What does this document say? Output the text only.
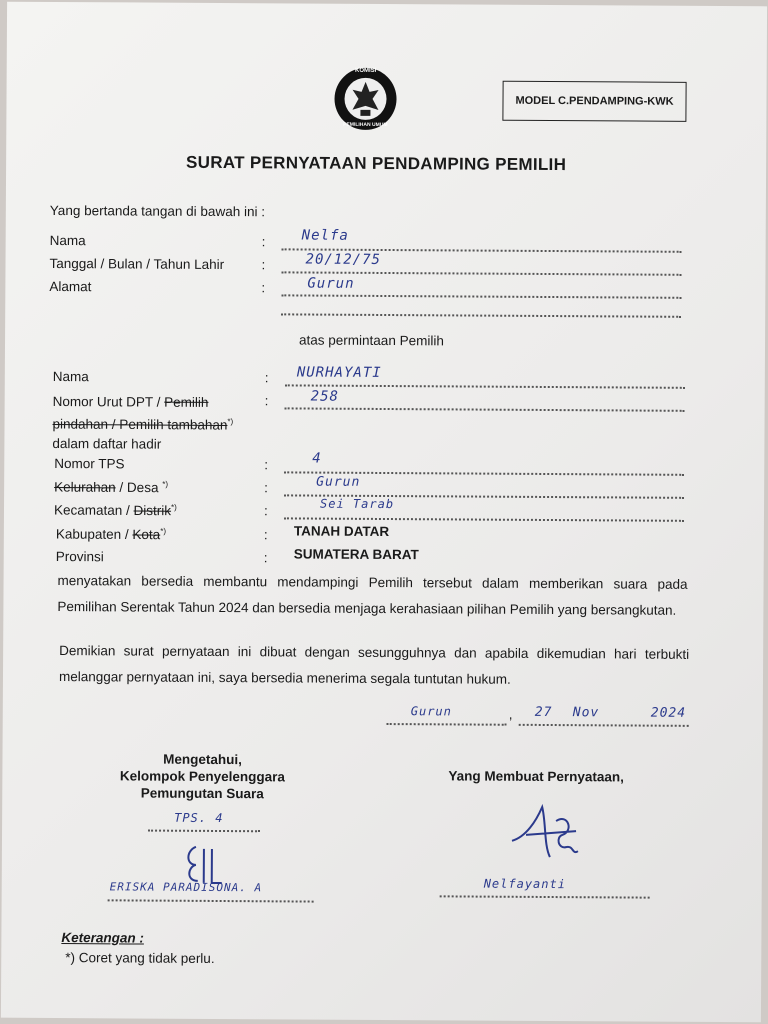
KOMISI
PEMILIHAN UMUM
MODEL C.PENDAMPING-KWK
SURAT PERNYATAAN PENDAMPING PEMILIH
Yang bertanda tangan di bawah ini :
Nama	:	Nelfa
Tanggal / Bulan / Tahun Lahir	:	20/12/75
Alamat	:	Gurun
atas permintaan Pemilih
Nama	: NURHAYATI
Nomor Urut DPT / Pemilih
pindahan / Pemilih tambahan*)
dalam daftar hadir
:	258
Nomor TPS	:	4
Kelurahan / Desa *)	:	Gurun
Kecamatan / Distrik*)	:	Sei Tarab
Kabupaten / Kota*)	: TANAH DATAR
Provinsi	: SUMATERA BARAT
menyatakan bersedia membantu mendampingi Pemilih tersebut dalam memberikan suara pada Pemilihan Serentak Tahun 2024 dan bersedia menjaga kerahasiaan pilihan Pemilih yang bersangkutan.
Demikian surat pernyataan ini dibuat dengan sesungguhnya dan apabila dikemudian hari terbukti melanggar pernyataan ini, saya bersedia menerima segala tuntutan hukum.
Gurun	, 27 Nov	2024
Mengetahui,
Kelompok Penyelenggara
Pemungutan Suara
TPS. 4
ERISKA PARADISONA. A
Yang Membuat Pernyataan,
Nelfayanti
Keterangan :
*) Coret yang tidak perlu.
